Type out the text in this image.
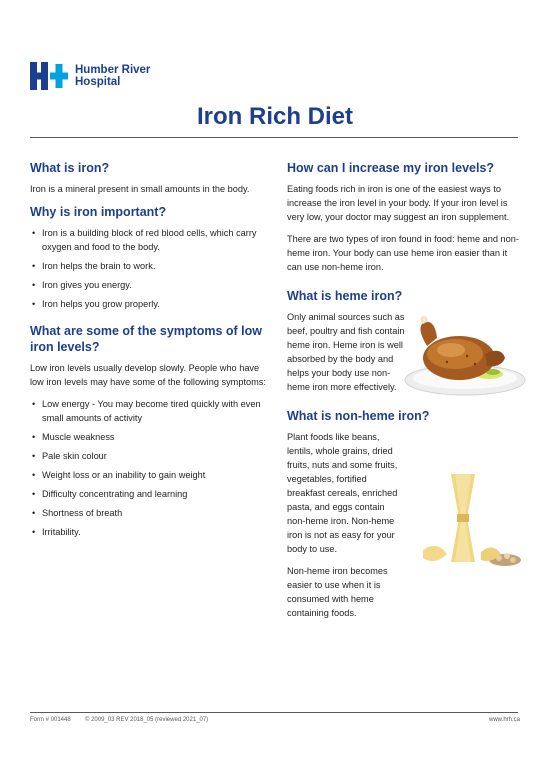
Humber River
Hospital
Iron Rich Diet
What is iron?

Iron is a mineral present in small amounts in the body.

Why is iron important?
• Iron is a building block of red blood cells, which carry oxygen and food to the body.
• Iron helps the brain to work.
• Iron gives you energy.
• Iron helps you grow properly.
What are some of the symptoms of low iron levels?

Low iron levels usually develop slowly. People who have low iron levels may have some of the following symptoms:

• Low energy - You may become tired quickly with even small amounts of activity
• Muscle weakness
• Pale skin colour
• Weight loss or an inability to gain weight
• Difficulty concentrating and learning
• Shortness of breath
• Irritability.
How can I increase my iron levels?

Eating foods rich in iron is one of the easiest ways to increase the iron level in your body. If your iron level is very low, your doctor may suggest an iron supplement.

There are two types of iron found in food: heme and non-heme iron. Your body can use heme iron easier than it can use non-heme iron.

What is heme iron?

Only animal sources such as beef, poultry and fish contain heme iron. Heme iron is well absorbed by the body and helps your body use non-heme iron more effectively.

What is non-heme iron?

Plant foods like beans, lentils, whole grains, dried fruits, nuts and some fruits, vegetables, fortified breakfast cereals, enriched pasta, and eggs contain non-heme iron. Non-heme iron is not as easy for your body to use.

Non-heme iron becomes easier to use when it is consumed with heme containing foods.

Form # 001448	© 2009_03 REV 2018_05 (reviewed 2021_07)	www.hrh.ca
